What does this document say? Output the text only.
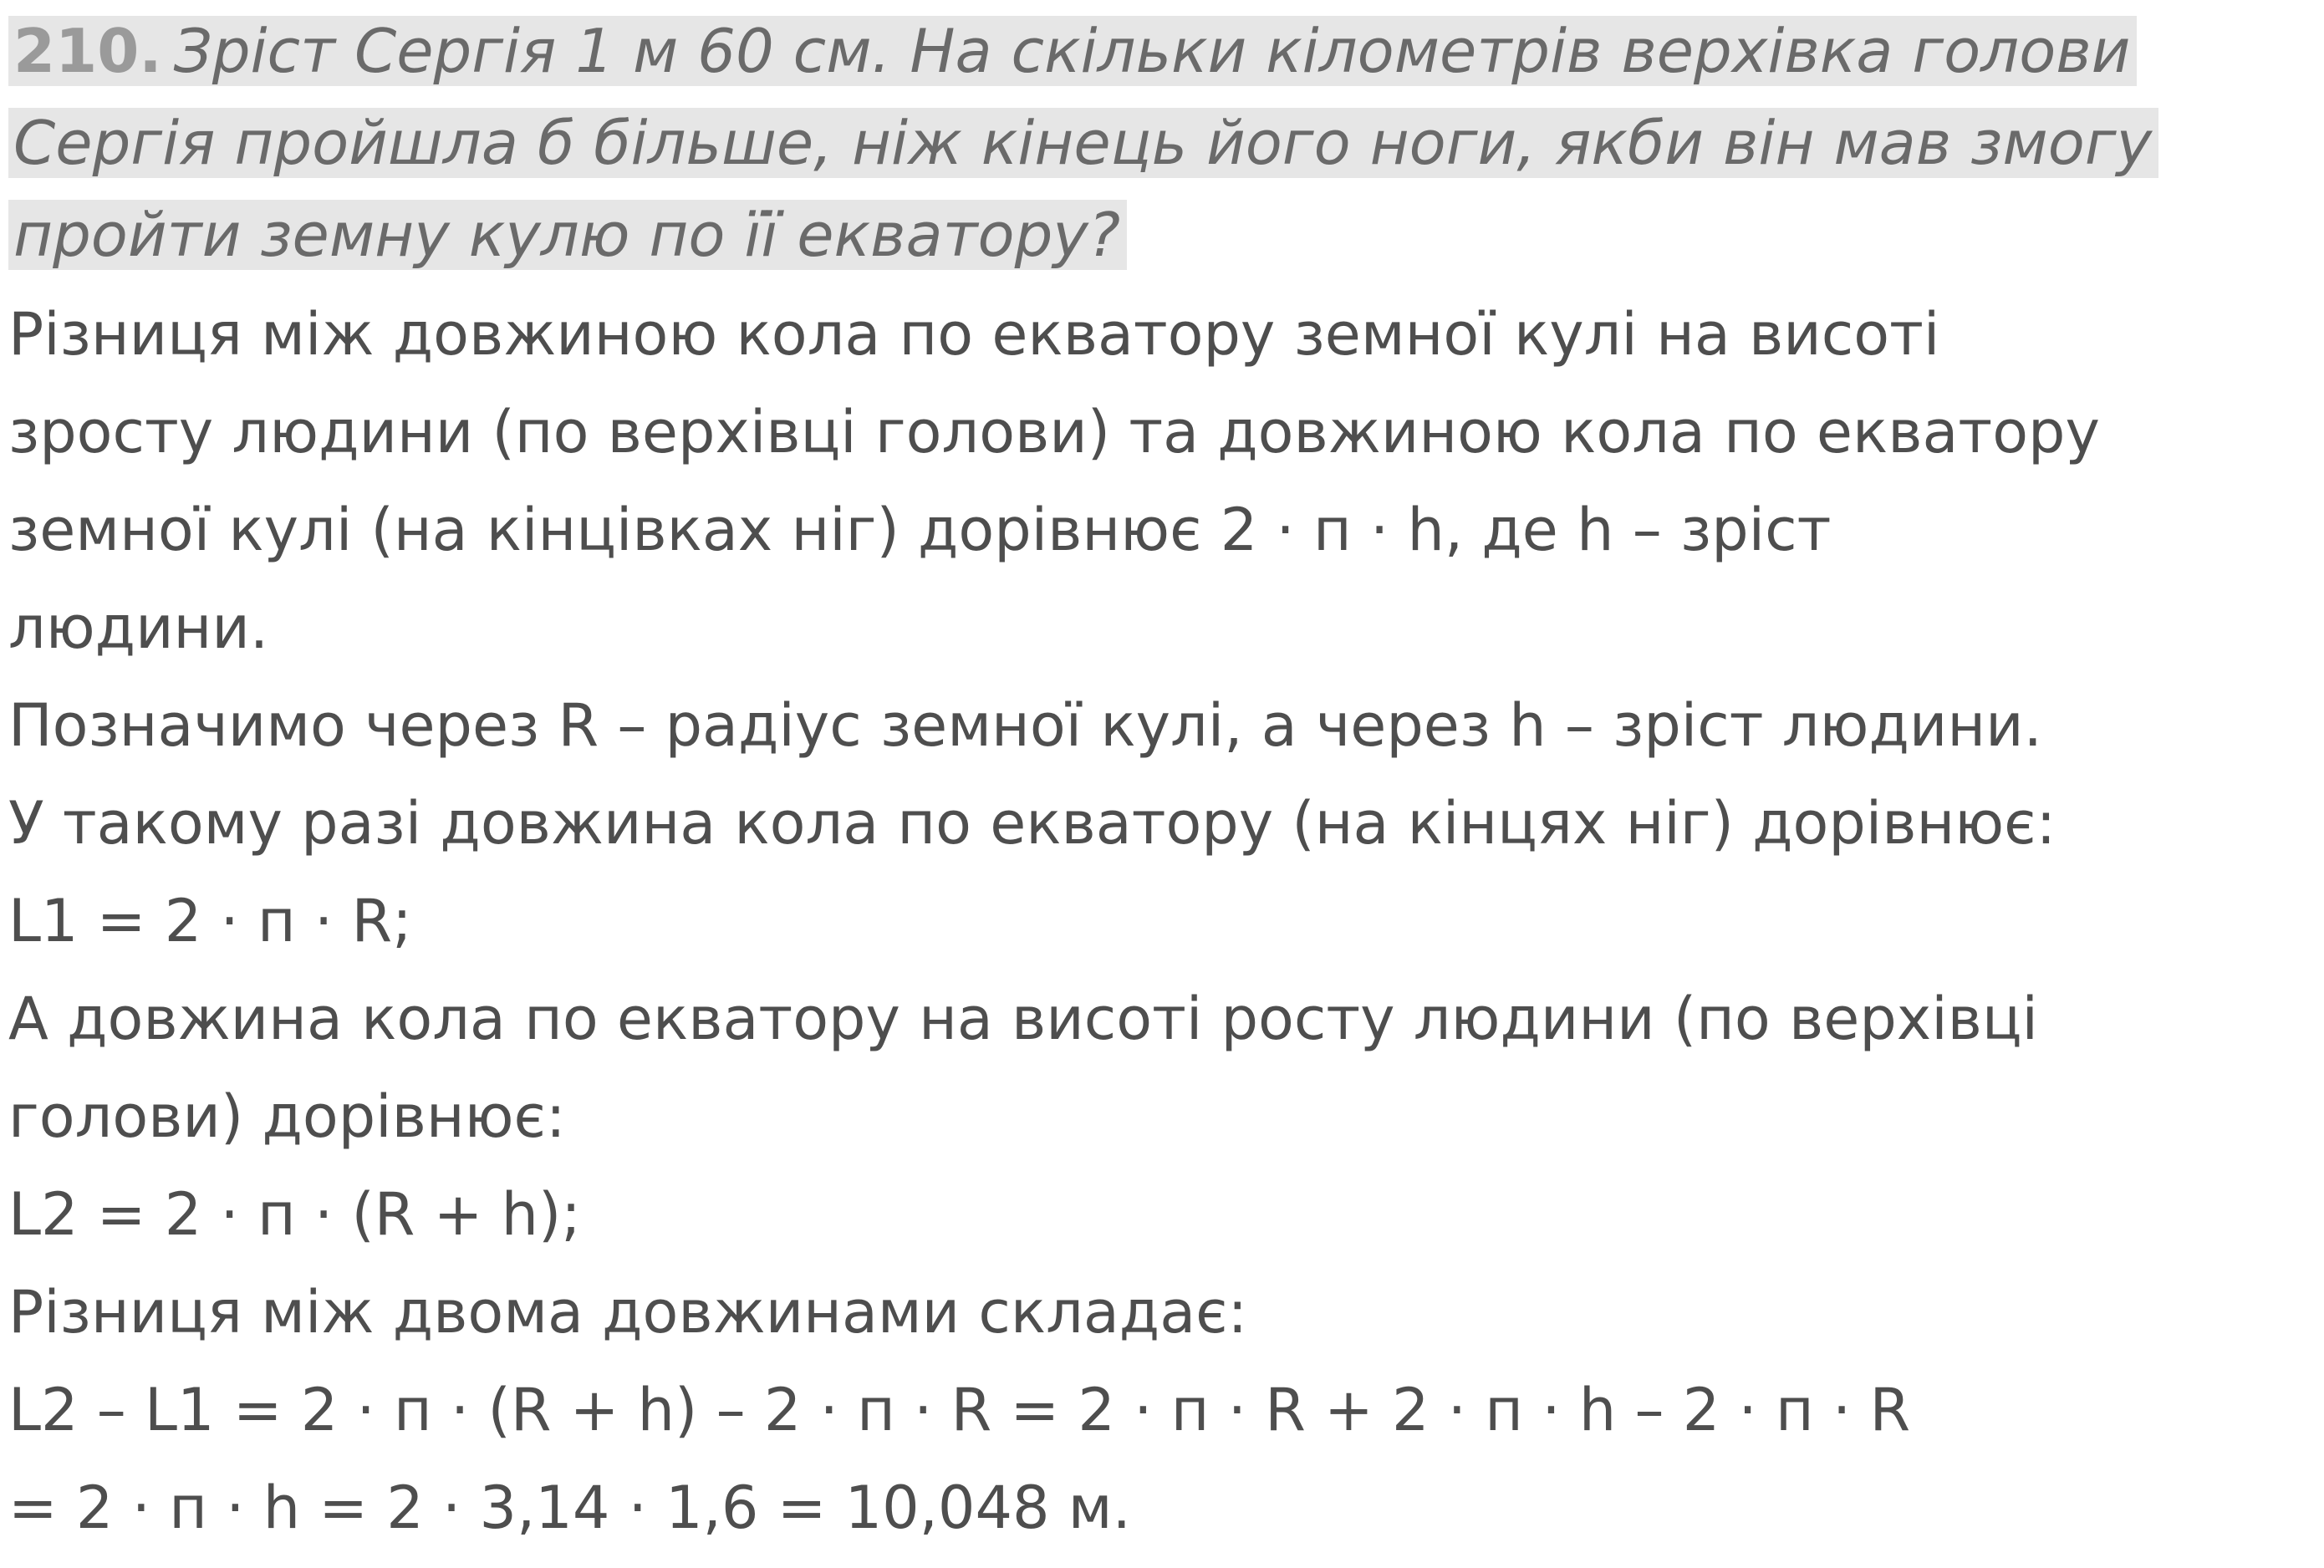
210. Зріст Сергія 1 м 60 см. На скільки кілометрів верхівка голови
Сергія пройшла б більше, ніж кінець його ноги, якби він мав змогу
пройти земну кулю по її екватору?
Різниця між довжиною кола по екватору земної кулі на висоті
зросту людини (по верхівці голови) та довжиною кола по екватору
земної кулі (на кінцівках ніг) дорівнює 2 · п · h, де h – зріст
людини.
Позначимо через R – радіус земної кулі, а через h – зріст людини.
У такому разі довжина кола по екватору (на кінцях ніг) дорівнює:
L1 = 2 · п · R;
А довжина кола по екватору на висоті росту людини (по верхівці
голови) дорівнює:
L2 = 2 · п · (R + h);
Різниця між двома довжинами складає:
L2 – L1 = 2 · п · (R + h) – 2 · п · R = 2 · п · R + 2 · п · h – 2 · п · R
= 2 · п · h = 2 · 3,14 · 1,6 = 10,048 м.
